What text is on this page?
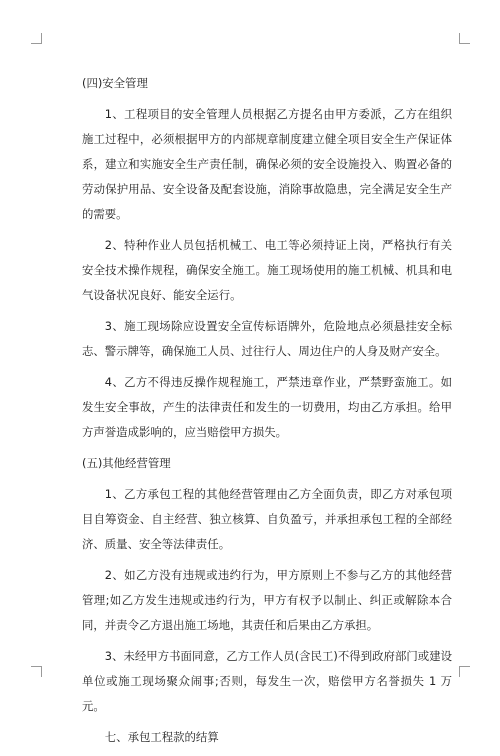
(四)安全管理

1、工程项目的安全管理人员根据乙方提名由甲方委派，乙方在组织施工过程中，必须根据甲方的内部规章制度建立健全项目安全生产保证体系，建立和实施安全生产责任制，确保必须的安全设施投入、购置必备的劳动保护用品、安全设备及配套设施，消除事故隐患，完全满足安全生产的需要。

2、特种作业人员包括机械工、电工等必须持证上岗，严格执行有关安全技术操作规程，确保安全施工。施工现场使用的施工机械、机具和电气设备状况良好、能安全运行。

3、施工现场除应设置安全宣传标语牌外，危险地点必须悬挂安全标志、警示牌等，确保施工人员、过往行人、周边住户的人身及财产安全。

4、乙方不得违反操作规程施工，严禁违章作业，严禁野蛮施工。如发生安全事故，产生的法律责任和发生的一切费用，均由乙方承担。给甲方声誉造成影响的，应当赔偿甲方损失。

(五)其他经营管理

1、乙方承包工程的其他经营管理由乙方全面负责，即乙方对承包项目自筹资金、自主经营、独立核算、自负盈亏，并承担承包工程的全部经济、质量、安全等法律责任。

2、如乙方没有违规或违约行为，甲方原则上不参与乙方的其他经营管理;如乙方发生违规或违约行为，甲方有权予以制止、纠正或解除本合同，并责令乙方退出施工场地，其责任和后果由乙方承担。

3、未经甲方书面同意，乙方工作人员(含民工)不得到政府部门或建设单位或施工现场聚众闹事;否则，每发生一次，赔偿甲方名誉损失 1 万元。

七、承包工程款的结算
